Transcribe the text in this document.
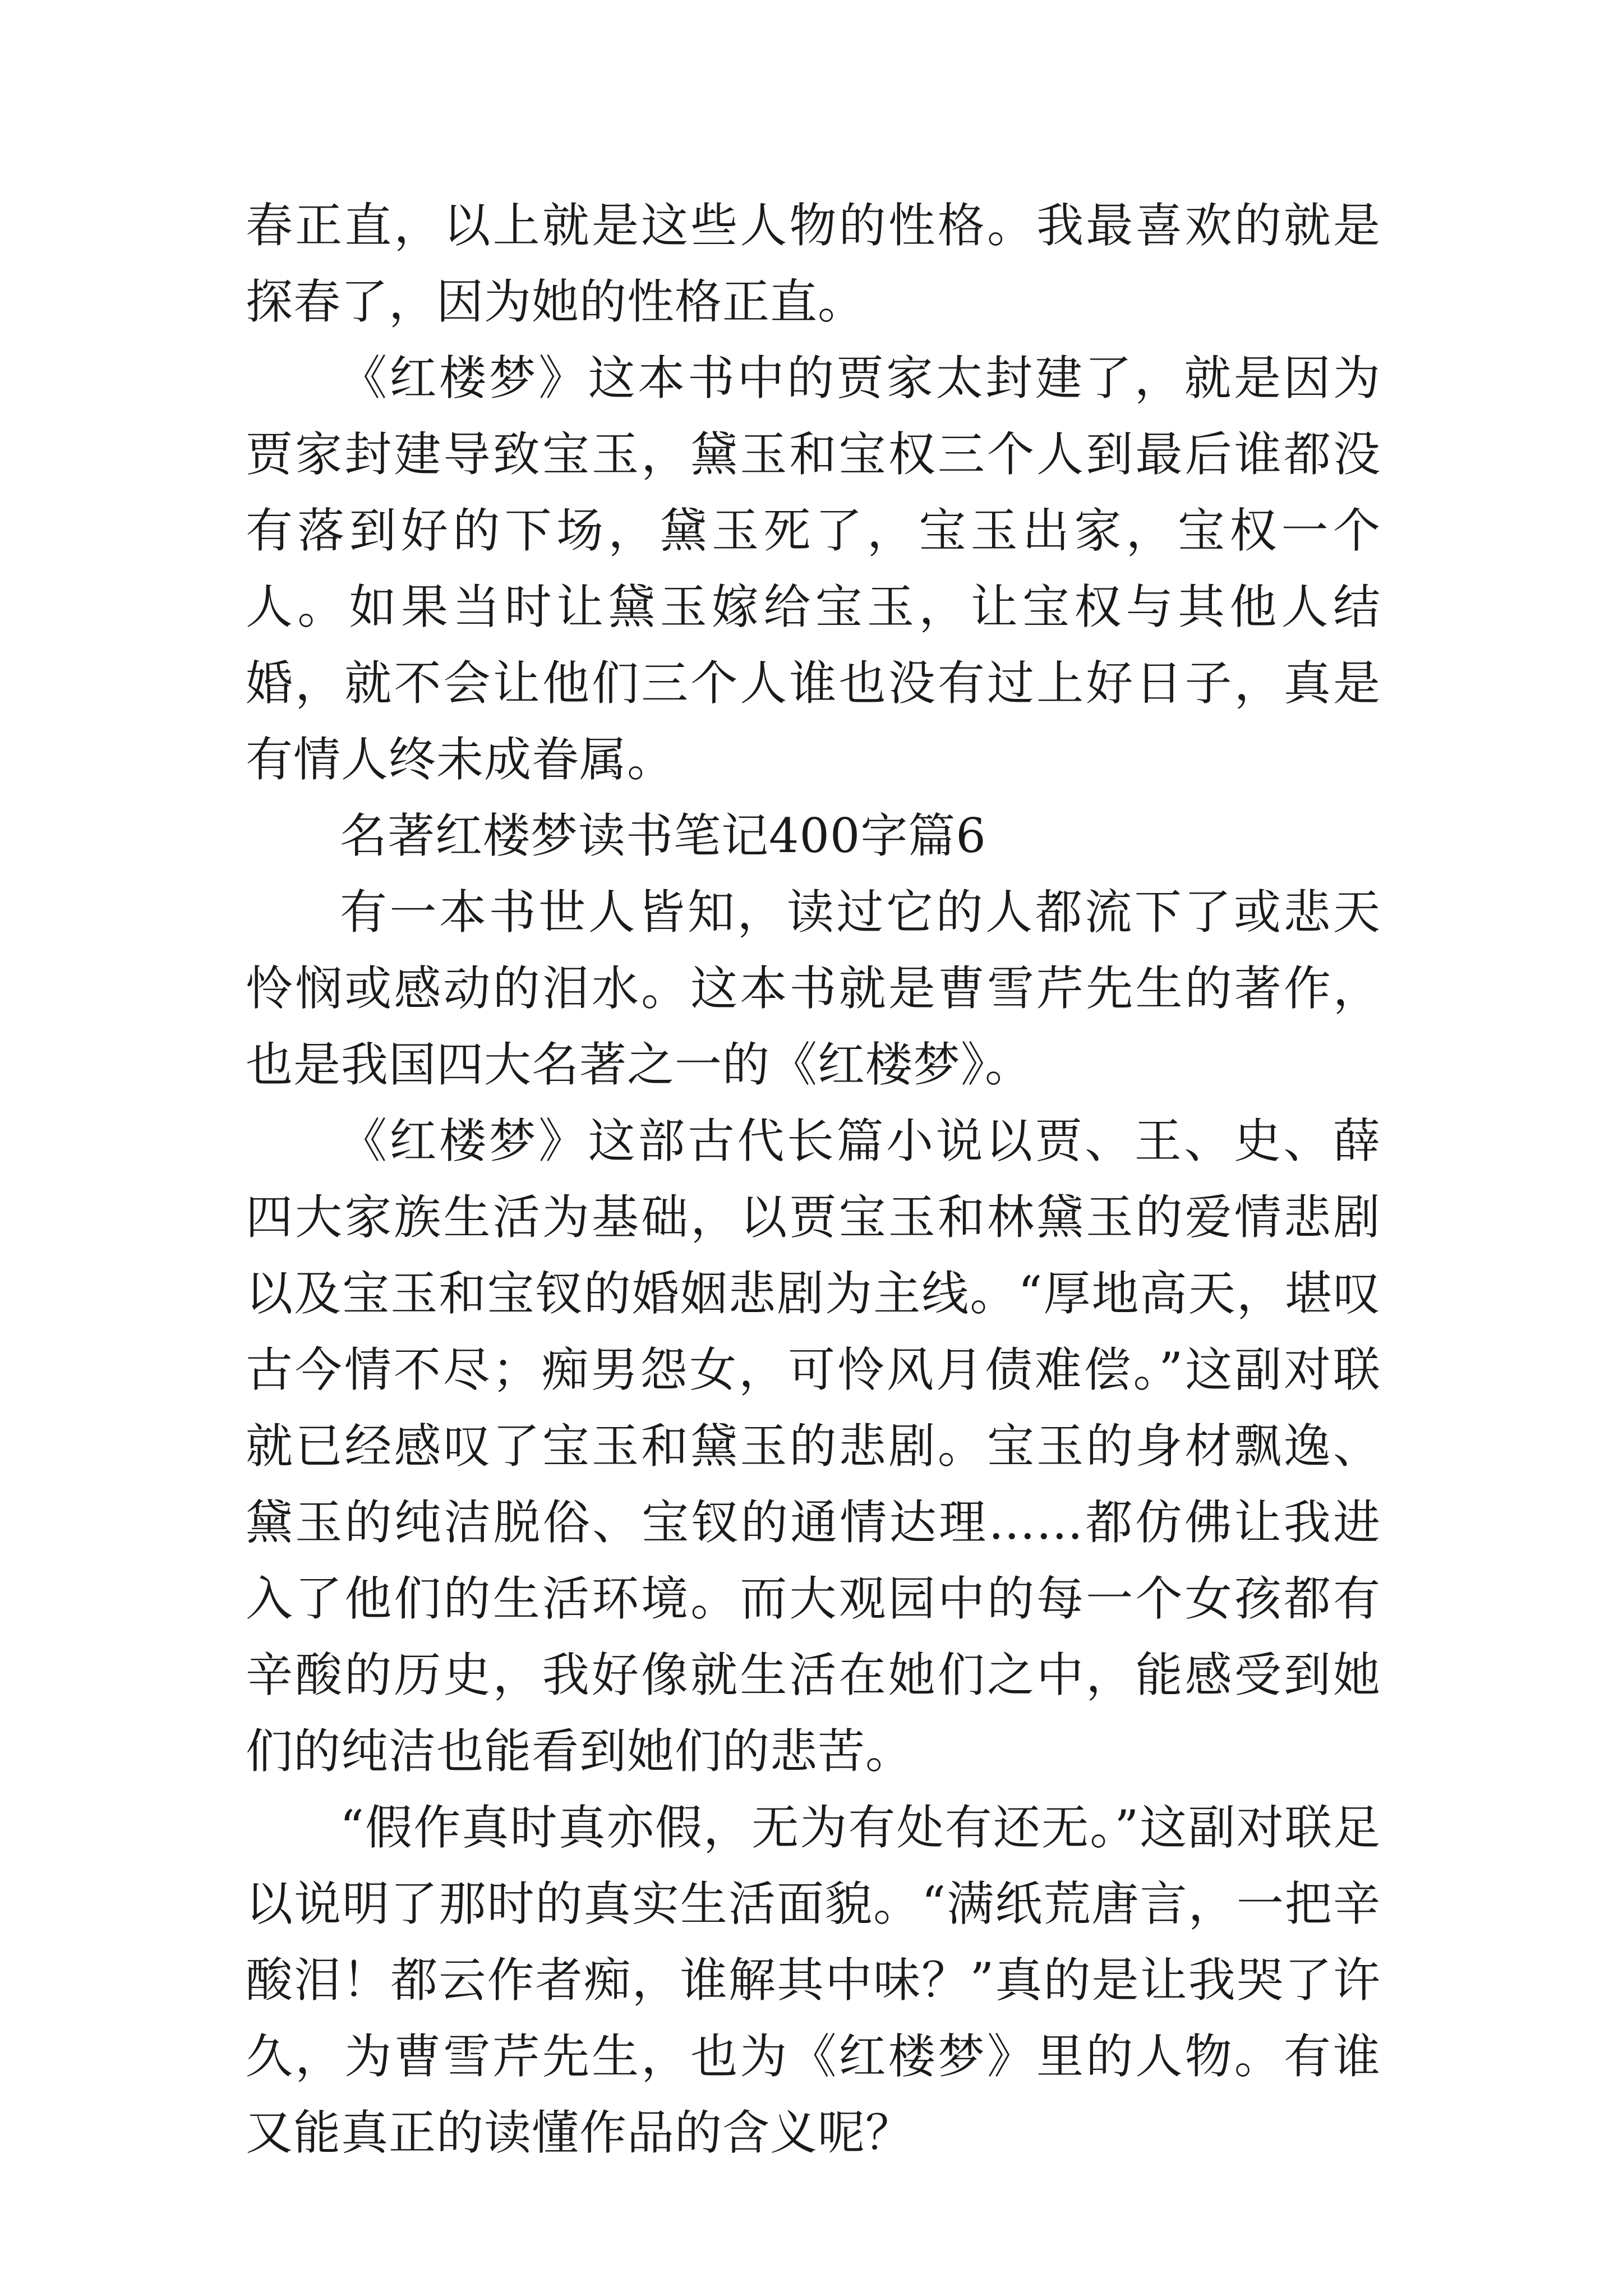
春正直，以上就是这些人物的性格。我最喜欢的就是探春了，因为她的性格正直。

《红楼梦》这本书中的贾家太封建了，就是因为贾家封建导致宝玉，黛玉和宝权三个人到最后谁都没有落到好的下场，黛玉死了，宝玉出家，宝权一个人。如果当时让黛玉嫁给宝玉，让宝权与其他人结婚，就不会让他们三个人谁也没有过上好日子，真是有情人终未成眷属。

名著红楼梦读书笔记400字篇6

有一本书世人皆知，读过它的人都流下了或悲天怜悯或感动的泪水。这本书就是曹雪芹先生的著作，也是我国四大名著之一的《红楼梦》。

《红楼梦》这部古代长篇小说以贾、王、史、薛四大家族生活为基础，以贾宝玉和林黛玉的爱情悲剧以及宝玉和宝钗的婚姻悲剧为主线。“厚地高天，堪叹古今情不尽；痴男怨女，可怜风月债难偿。”这副对联就已经感叹了宝玉和黛玉的悲剧。宝玉的身材飘逸、黛玉的纯洁脱俗、宝钗的通情达理……都仿佛让我进入了他们的生活环境。而大观园中的每一个女孩都有辛酸的历史，我好像就生活在她们之中，能感受到她们的纯洁也能看到她们的悲苦。

“假作真时真亦假，无为有处有还无。”这副对联足以说明了那时的真实生活面貌。“满纸荒唐言，一把辛酸泪！都云作者痴，谁解其中味？”真的是让我哭了许久，为曹雪芹先生，也为《红楼梦》里的人物。有谁又能真正的读懂作品的含义呢？
